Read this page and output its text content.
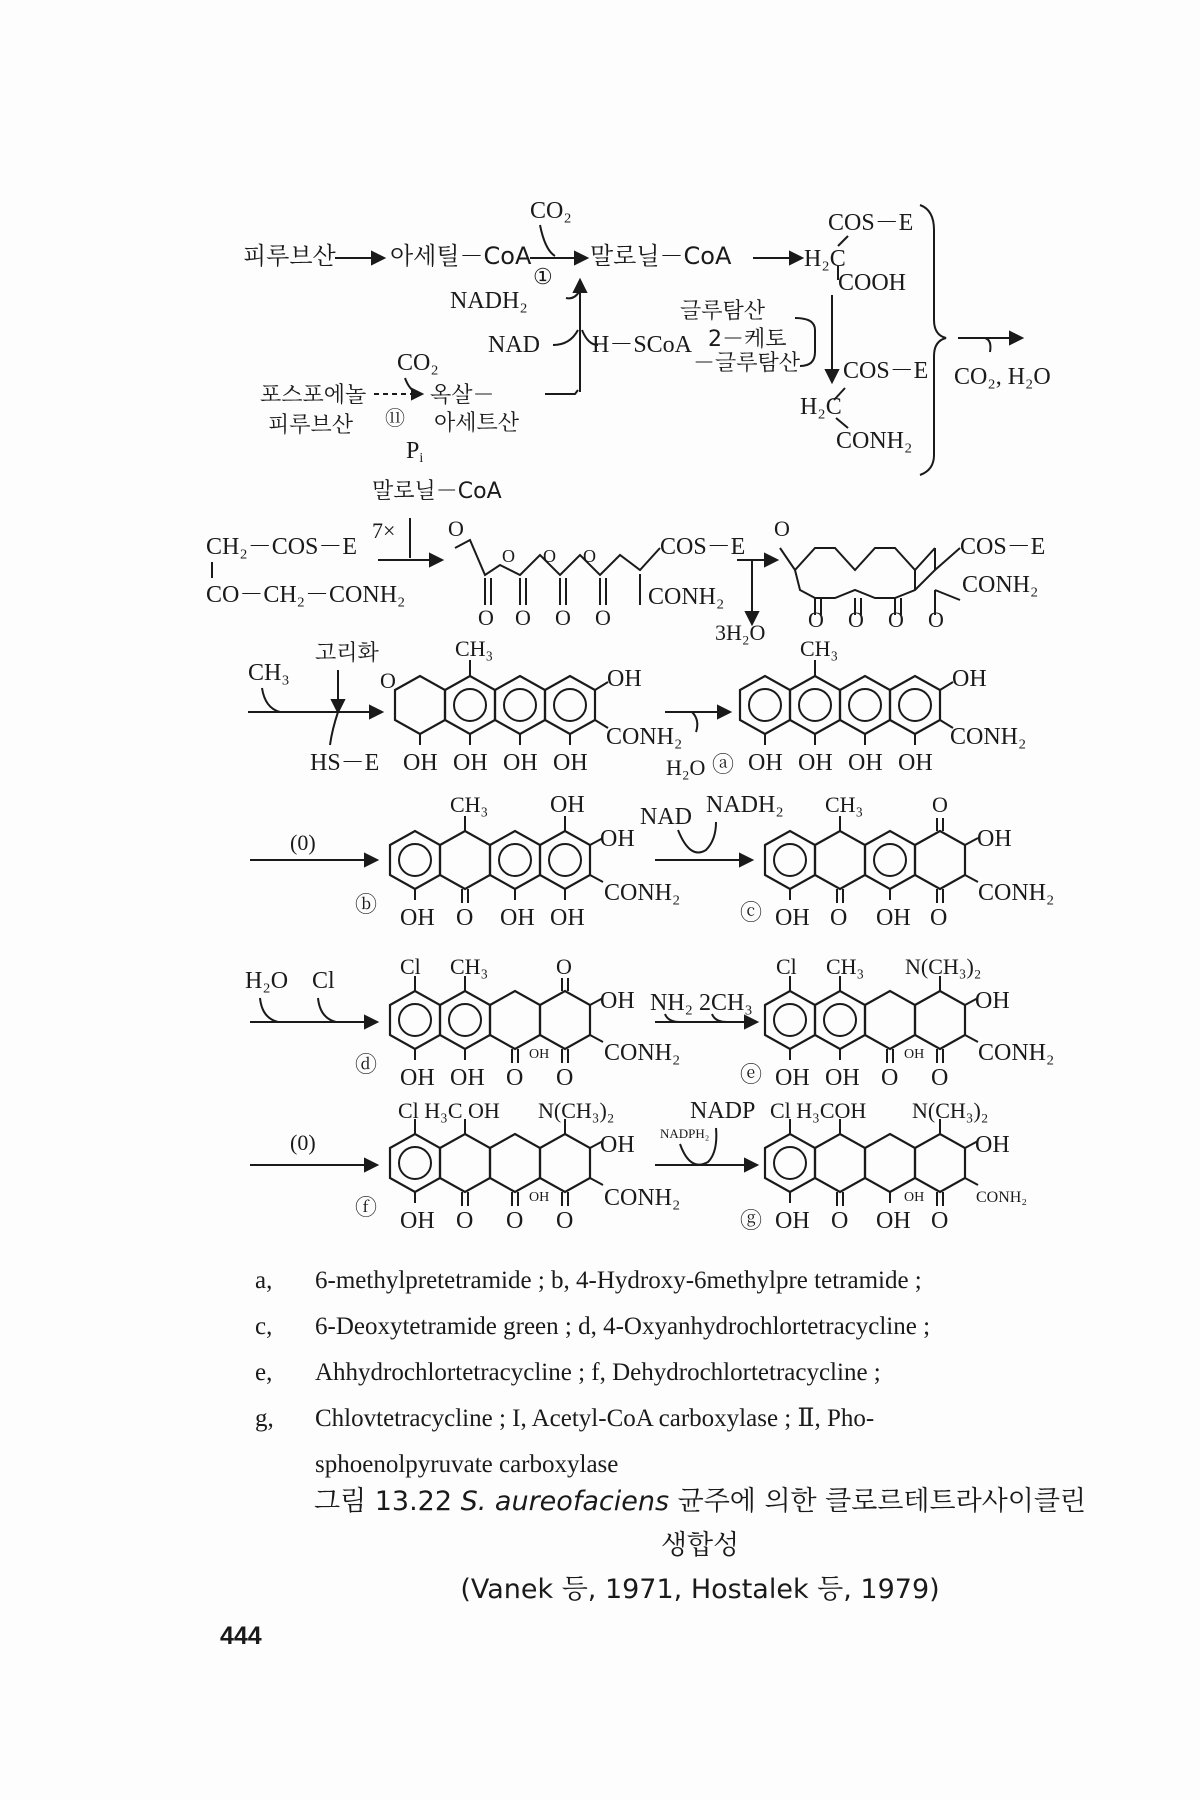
피루브산 아세틸－CoA
CO₂
①
말로닐－CoA
COS－E
H₂C
COOH
NADH₂
NAD H－SCoA
글루탐산
2－케토
－글루탐산 COS－E
H₂C
CONH₂
CO₂, H₂O
CO₂
포스포에놀
피루브산 ⑪
옥살－
아세트산
Pi
말로닐－CoA
7×
CH₂－COS－E
CO－CH₂－CONH₂
O
O O O
O O O O
COS－E
CONH₂
3H₂O
O
O O O O
COS－E
CONH₂
CH₃
고리화
HS－E
O
CH₃
OH
CONH₂
OH OH OH OH	H₂O ⓐ
CH₃
OH
CONH₂
OH OH OH OH
(0)
ⓑ
CH₃	OH
OH
CONH₂
OH O OH OH
NAD NADH₂
ⓒ
CH₃	O
OH
CONH₂
OH O OH O
H₂O Cl
ⓓ
Cl CH₃	O
OH
CONH₂
OH
OH OH O O
NH₂ 2CH₃
ⓔ
Cl CH₃ N(CH₃)₂
OH
CONH₂
OH
OH OH O O
(0)
ⓕ
Cl H₃C OH N(CH₃)₂
OH
CONH₂
OH
OH O O O
NADP
NADPH₂
ⓖ
Cl H₃COH N(CH₃)₂
OH
CONH₂
OH
OH O OH O
a,	6-methylpretetramide ; b, 4-Hydroxy-6methylpre tetramide ;
c,	6-Deoxytetramide green ; d, 4-Oxyanhydrochlortetracycline ;
e,	Ahhydrochlortetracycline ; f, Dehydrochlortetracycline ;
g,	Chlovtetracycline ; I, Acetyl-CoA carboxylase ; Ⅱ, Pho-
sphoenolpyruvate carboxylase
그림 13.22 S. aureofaciens 균주에 의한 클로르테트라사이클린 생합성
(Vanek 등, 1971, Hostalek 등, 1979)
444
